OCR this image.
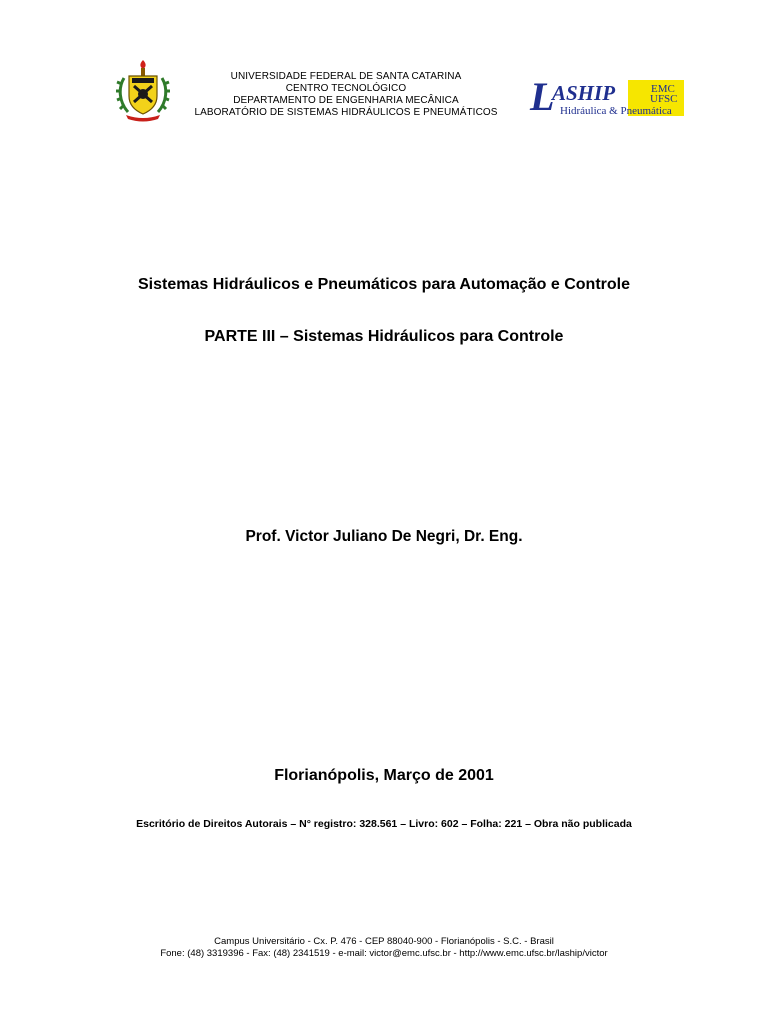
UNIVERSIDADE FEDERAL DE SANTA CATARINA
CENTRO TECNOLÓGICO
DEPARTAMENTO DE ENGENHARIA MECÂNICA
LABORATÓRIO DE SISTEMAS HIDRÁULICOS E PNEUMÁTICOS L
ASHIP	EMC
UFSC
Hidráulica & Pneumática
Sistemas Hidráulicos e Pneumáticos para Automação e Controle
PARTE III – Sistemas Hidráulicos para Controle
Prof. Victor Juliano De Negri, Dr. Eng.
Florianópolis, Março de 2001
Escritório de Direitos Autorais – N° registro: 328.561 – Livro: 602 – Folha: 221 – Obra não publicada
Campus Universitário - Cx. P. 476 - CEP 88040-900 - Florianópolis - S.C. - Brasil
Fone: (48) 3319396 - Fax: (48) 2341519 - e-mail: victor@emc.ufsc.br - http://www.emc.ufsc.br/laship/victor
